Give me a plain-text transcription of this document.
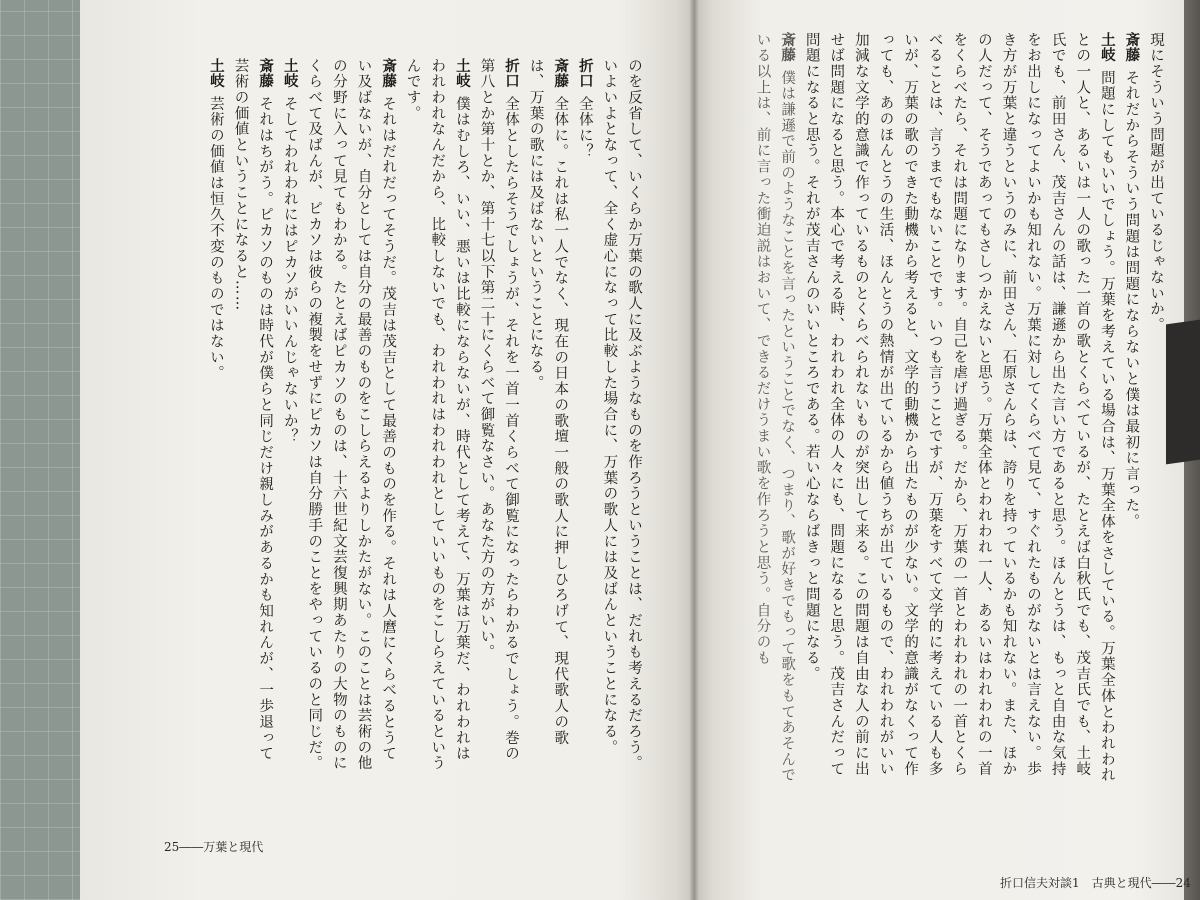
現にそういう問題が出ているじゃないか。

斎藤それだからそういう問題は問題にならないと僕は最初に言った。

土岐問題にしてもいいでしょう。万葉を考えている場合は、万葉全体をさしている。万葉全体とわれわれとの一人と、あるいは一人の歌った一首の歌とくらべているが、たとえば白秋氏でも、茂吉氏でも、土岐氏でも、前田さん、茂吉さんの話は、謙遜から出た言い方であると思う。ほんとうは、もっと自由な気持をお出しになってよいかも知れない。万葉に対してくらべて見て、すぐれたものがないとは言えない。歩き方が万葉と違うというのみに、前田さん、石原さんらは、誇りを持っているかも知れない。また、ほかの人だって、そうであってもさしつかえないと思う。万葉全体とわれわれ一人、あるいはわれわれの一首をくらべたら、それは問題になります。自己を虐げ過ぎる。だから、万葉の一首とわれわれの一首とくらべることは、言うまでもないことです。いつも言うことですが、万葉をすべて文学的に考えている人も多いが、万葉の歌のできた動機から考えると、文学的動機から出たものが少ない。文学的意識がなくって作っても、あのほんとうの生活、ほんとうの熱情が出ているから値うちが出ているもので、われわれがいい加減な文学的意識で作っているものとくらべられないものが突出して来る。この問題は自由な人の前に出せば問題になると思う。本心で考える時、われわれ全体の人々にも、問題になると思う。茂吉さんだって問題になると思う。それが茂吉さんのいいところである。若い心ならばきっと問題になる。

斎藤僕は謙遜で前のようなことを言ったということでなく、つまり、歌が好きでもって歌をもてあそんでいる以上は、前に言った衝迫説はおいて、できるだけうまい歌を作ろうと思う。自分のも

のを反省して、いくらか万葉の歌人に及ぶようなものを作ろうということは、だれも考えるだろう。いよいよとなって、全く虚心になって比較した場合に、万葉の歌人には及ばんということになる。

折口全体に？

斎藤全体に。これは私一人でなく、現在の日本の歌壇一般の歌人に押しひろげて、現代歌人の歌は、万葉の歌には及ばないということになる。

折口全体としたらそうでしょうが、それを一首一首くらべて御覧になったらわかるでしょう。巻の第八とか第十とか、第十七以下第二十にくらべて御覧なさい。あなた方の方がいい。

土岐僕はむしろ、いい、悪いは比較にならないが、時代として考えて、万葉は万葉だ、われわれはわれわれなんだから、比較しないでも、われわれはわれわれとしていいものをこしらえているというんです。

斎藤それはだれだってそうだ。茂吉は茂吉として最善のものを作る。それは人麿にくらべるとうてい及ばないが、自分としては自分の最善のものをこしらえるよりしかたがない。このことは芸術の他の分野に入って見てもわかる。たとえばピカソのものは、十六世紀文芸復興期あたりの大物のものにくらべて及ばんが、ピカソは彼らの複製をせずにピカソは自分勝手のことをやっているのと同じだ。

土岐そしてわれわれにはピカソがいいんじゃないか？

斎藤それはちがう。ピカソのものは時代が僕らと同じだけ親しみがあるかも知れんが、一歩退って芸術の価値ということになると……

土岐芸術の価値は恒久不変のものではない。

25――万葉と現代
折口信夫対談1　古典と現代――24
